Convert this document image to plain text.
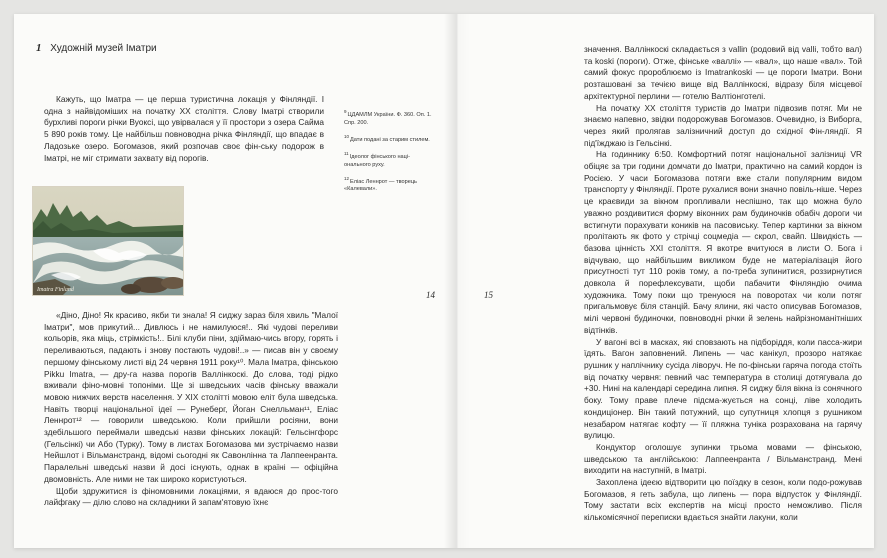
1 Художній музей Іматри

Кажуть, що Іматра — це перша туристична локація у Фінляндії. І одна з найвідоміших на початку ХХ століття. Слову Іматрі створили бурхливі пороги річки Вуоксі, що увірвалася у її простори з озера Сайма 5 890 років тому. Це найбільш повноводна річка Фінляндії, що впадає в Ладозьке озеро. Богомазов, який розпочав своє фін-ську подорож в Іматрі, не міг стримати захвату від порогів.

$^9$ЦДАМЛМ України. Ф. 360. Оп. 1. Спр. 200.
$^{10}$Дати подані за старим стилем.
$^{11}$Ідеолог фінського наці-онального руху.
$^{12}$Еліас Леннрот — творець «Калевали».
Imatra Finland	14

«Діно, Діно! Як красиво, якби ти знала! Я сиджу зараз біля хвиль "Малої Іматри", мов прикутий... Дивлюсь і не намилуюся!.. Які чудові переливи кольорів, яка міць, стрімкість!.. Білі клуби піни, здіймаю-чись вгору, горять і переливаються, падають і знову постають чудові!..» — писав він у своєму першому фінському листі від 24 червня 1911 року¹⁰. Мала Іматра, фінською Pikku Imatra, — дру-га назва порогів Валлінкоскі. До слова, тоді рідко вживали фіно-мовні топоніми. Ще зі шведських часів фінську вважали мовою нижчих верств населення. У ХІХ столітті мовою еліт була шведська. Навіть творці національної ідеї — Рунеберг, Йоган Снелльман¹¹, Еліас Леннрот¹² — говорили шведською. Коли прийшли росіяни, вони здебільшого переймали шведські назви фінських локацій: Гельсінгфорс (Гельсінкі) чи Або (Турку). Тому в листах Богомазова ми зустрічаємо назви Нейшлот і Вільманстранд, відомі сьогодні як Савонлінна та Лаппеенранта. Паралельні шведські назви й досі існують, однак в країні — офіційна двомовність. Але ними не так широко користуються.

Щоби здружитися із фіномовними локаціями, я вдаюся до прос-того лайфгаку — ділю слово на складники й запам'ятовую їхнє

15

значення. Валлінкоскі складається з vallin (родовий від valli, тобто вал) та koski (пороги). Отже, фінське «валлі» — «вал», що наше «вал». Той самий фокус пророблюємо із Imatrankoski — це пороги Іматри. Вони розташовані за течією вище від Валлінкоскі, відразу біля місцевої архітектурної перлини — готелю Валтіонготелі.

На початку ХХ століття туристів до Іматри підвозив потяг. Ми не знаємо напевно, звідки подорожував Богомазов. Очевидно, із Виборга, через який пролягав залізничний доступ до східної Фін-ляндії. Я під'їжджаю із Гельсінкі.

На годиннику 6:50. Комфортний потяг національної залізниці VR обіцяє за три години домчати до Іматри, практично на самий кордон із Росією. У часи Богомазова потяги вже стали популярним видом транспорту у Фінляндії. Проте рухалися вони значно повіль-ніше. Через це краєвиди за вікном пропливали неспішно, так що можна було уважно роздивитися форму віконних рам будиночків обабіч дороги чи встигнути порахувати коників на пасовиську. Тепер картинки за вікном пролітають як фото у стрічці соцмедіа — скрол, свайп. Швидкість — базова цінність ХХІ століття. Я вкотре вчитуюся в листи О. Бога і відчуваю, що найбільшим викликом буде не матеріалізація його присутності тут 110 років тому, а по-треба зупинитися, роззирнутися довкола й порефлексувати, щоби пабачити Фінляндію очима художника. Тому поки що тренуюся на поворотах чи коли потяг пригальмовує біля станцій. Бачу ялини, які часто описував Богомазов, мілі червоні будиночки, повноводні річки й зелень найрізноманітніших відтінків.

У вагоні всі в масках, які сповзають на підборіддя, коли пасса-жири їдять. Вагон заповнений. Липень — час канікул, прозоро натякає рушник у наплічнику сусіда ліворуч. Не по-фінськи гаряча погода стоїть від початку червня: певний час температура в столиці дотягувала до +30. Нині на календарі середина липня. Я сиджу біля вікна із сонячного боку. Тому праве плече підсма-жується на сонці, ліве холодить кондиціонер. Він такий потужний, що супутниця хлопця з рушником незабаром натягає кофту — її пляжна туніка розрахована на гарячу вулицю.

Кондуктор оголошує зупинки трьома мовами — фінською, шведською та англійською: Лаппеенранта / Вільманстранд. Мені виходити на наступній, в Іматрі.

Захоплена ідеєю відтворити цю поїздку в сезон, коли подо-рожував Богомазов, я геть забула, що липень — пора відпусток у Фінляндії. Тому застати всіх експертів на місці просто неможливо. Після кількомісячної переписки вдається знайти лакуни, коли
